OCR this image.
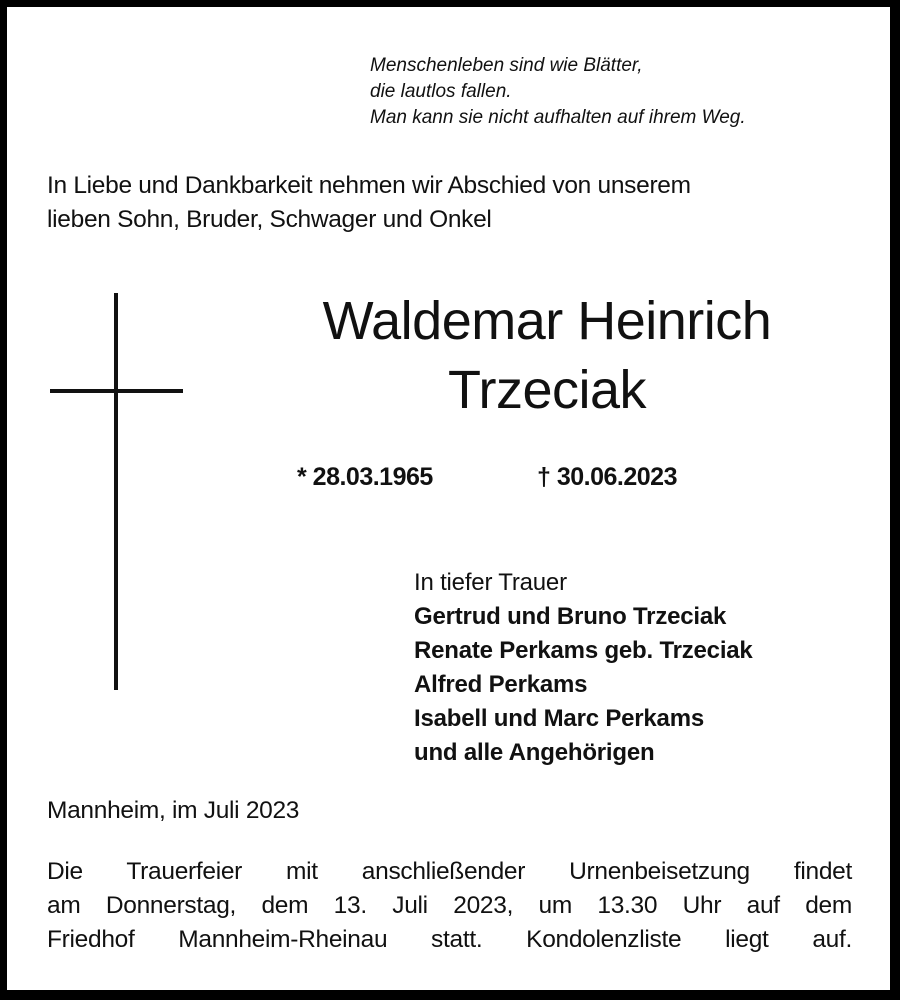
Menschenleben sind wie Blätter,
die lautlos fallen.
Man kann sie nicht aufhalten auf ihrem Weg.
In Liebe und Dankbarkeit nehmen wir Abschied von unserem
lieben Sohn, Bruder, Schwager und Onkel
Waldemar Heinrich
Trzeciak
* 28.03.1965	† 30.06.2023
In tiefer Trauer
Gertrud und Bruno Trzeciak
Renate Perkams geb. Trzeciak
Alfred Perkams
Isabell und Marc Perkams
und alle Angehörigen
Mannheim, im Juli 2023
Die Trauerfeier mit anschließender Urnenbeisetzung findet
am Donnerstag, dem 13. Juli 2023, um 13.30 Uhr auf dem
Friedhof Mannheim-Rheinau statt. Kondolenzliste liegt auf.
